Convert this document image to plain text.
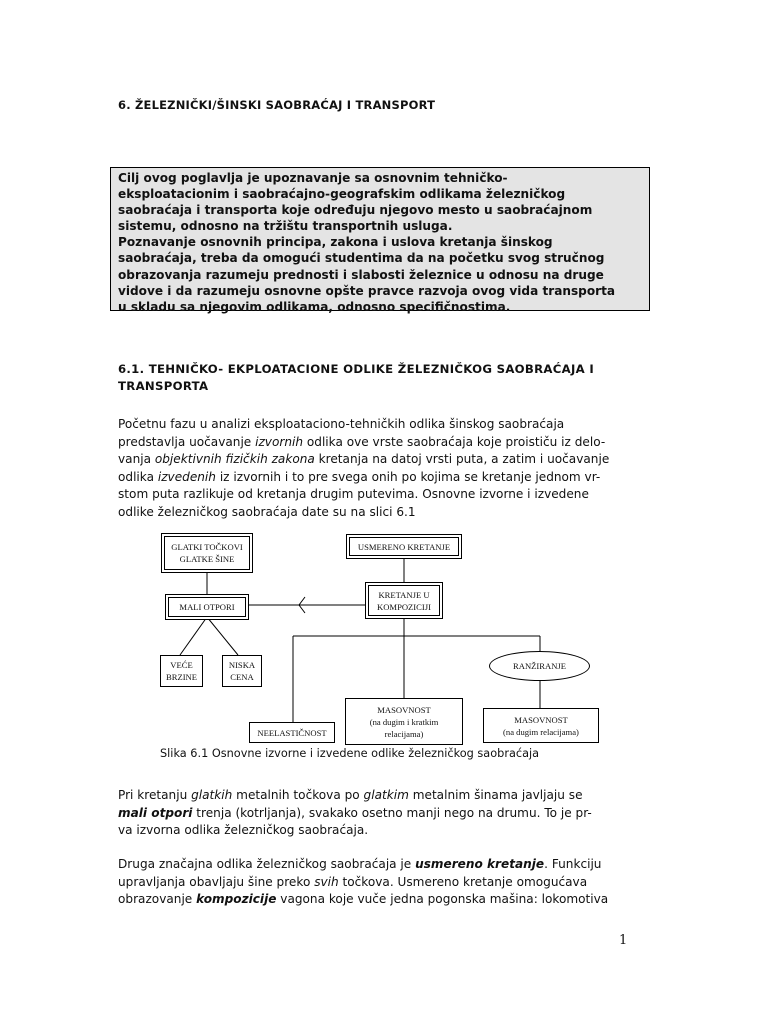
6. ŽELEZNIČKI/ŠINSKI SAOBRAĆAJ I TRANSPORT

Cilj ovog poglavlja je upoznavanje sa osnovnim tehničko-

eksploatacionim i saobraćajno-geografskim odlikama železničkog

saobraćaja i transporta koje određuju njegovo mesto u saobraćajnom

sistemu, odnosno na tržištu transportnih usluga.

Poznavanje osnovnih principa, zakona i uslova kretanja šinskog

saobraćaja, treba da omogući studentima da na početku svog stručnog

obrazovanja razumeju prednosti i slabosti železnice u odnosu na druge

vidove i da razumeju osnovne opšte pravce razvoja ovog vida transporta

u skladu sa njegovim odlikama, odnosno specifičnostima.

6.1. TEHNIČKO- EKPLOATACIONE ODLIKE ŽELEZNIČKOG SAOBRAĆAJA I TRANSPORTA
Početnu fazu u analizi eksploataciono-tehničkih odlika šinskog saobraćaja
predstavlja uočavanje izvornih odlika ove vrste saobraćaja koje proističu iz delo-
vanja objektivnih fizičkih zakona kretanja na datoj vrsti puta, a zatim i uočavanje
odlika izvedenih iz izvornih i to pre svega onih po kojima se kretanje jednom vr-
stom puta razlikuje od kretanja drugim putevima. Osnovne izvorne i izvedene
odlike železničkog saobraćaja date su na slici 6.1
GLATKI TOČKOVI
GLATKE ŠINE
USMERENO KRETANJE
MALI OTPORI
KRETANJE U
KOMPOZICIJI
VEĆE
BRZINE
NISKA
CENA
RANŽIRANJE
NEELASTIČNOST
MASOVNOST
(na dugim i kratkim
relacijama)
MASOVNOST
(na dugim relacijama)
Slika 6.1 Osnovne izvorne i izvedene odlike železničkog saobraćaja
Pri kretanju glatkih metalnih točkova po glatkim metalnim šinama javljaju se
mali otpori trenja (kotrljanja), svakako osetno manji nego na drumu. To je pr-
va izvorna odlika železničkog saobraćaja.
Druga značajna odlika železničkog saobraćaja je usmereno kretanje. Funkciju
upravljanja obavljaju šine preko svih točkova. Usmereno kretanje omogućava
obrazovanje kompozicije vagona koje vuče jedna pogonska mašina: lokomotiva
1
